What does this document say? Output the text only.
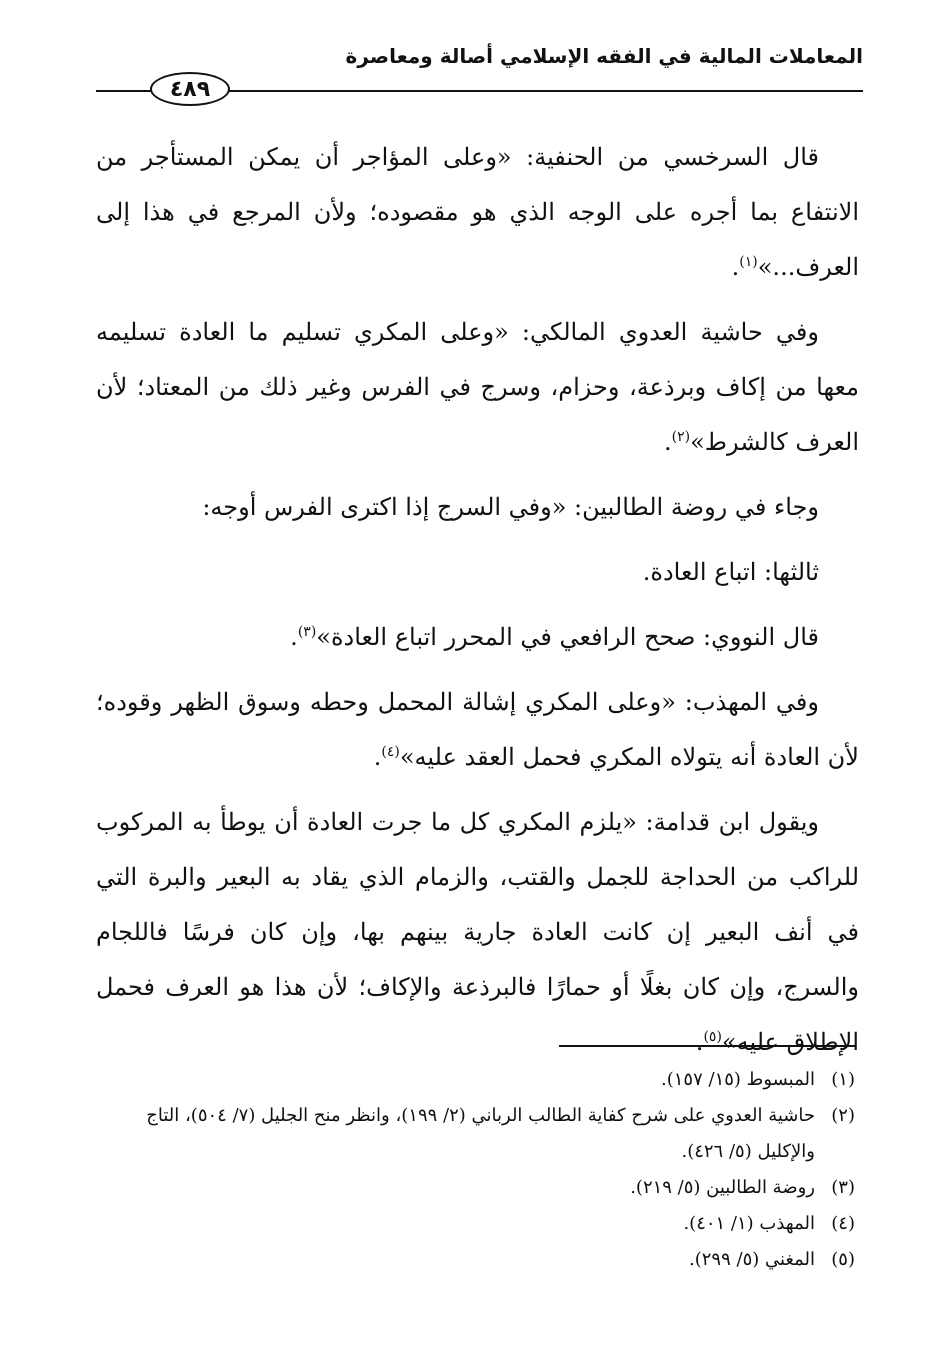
المعاملات المالية في الفقه الإسلامي أصالة ومعاصرة
٤٨٩

قال السرخسي من الحنفية: «وعلى المؤاجر أن يمكن المستأجر من الانتفاع بما أجره على الوجه الذي هو مقصوده؛ ولأن المرجع في هذا إلى العرف...»$^{(١)}$.

وفي حاشية العدوي المالكي: «وعلى المكري تسليم ما العادة تسليمه معها من إكاف وبرذعة، وحزام، وسرج في الفرس وغير ذلك من المعتاد؛ لأن العرف كالشرط»$^{(٢)}$.

وجاء في روضة الطالبين: «وفي السرج إذا اكترى الفرس أوجه:

ثالثها: اتباع العادة.

قال النووي: صحح الرافعي في المحرر اتباع العادة»$^{(٣)}$.

وفي المهذب: «وعلى المكري إشالة المحمل وحطه وسوق الظهر وقوده؛ لأن العادة أنه يتولاه المكري فحمل العقد عليه»$^{(٤)}$.

ويقول ابن قدامة: «يلزم المكري كل ما جرت العادة أن يوطأ به المركوب للراكب من الحداجة للجمل والقتب، والزمام الذي يقاد به البعير والبرة التي في أنف البعير إن كانت العادة جارية بينهم بها، وإن كان فرسًا فاللجام والسرج، وإن كان بغلًا أو حمارًا فالبرذعة والإكاف؛ لأن هذا هو العرف فحمل الإطلاق عليه»$^{(٥)}$.

(١)
المبسوط (١٥/ ١٥٧).
(٢)
حاشية العدوي على شرح كفاية الطالب الرباني (٢/ ١٩٩)، وانظر منح الجليل (٧/ ٥٠٤)، التاج والإكليل (٥/ ٤٢٦).
(٣)
روضة الطالبين (٥/ ٢١٩).
(٤)
المهذب (١/ ٤٠١).
(٥)
المغني (٥/ ٢٩٩).
